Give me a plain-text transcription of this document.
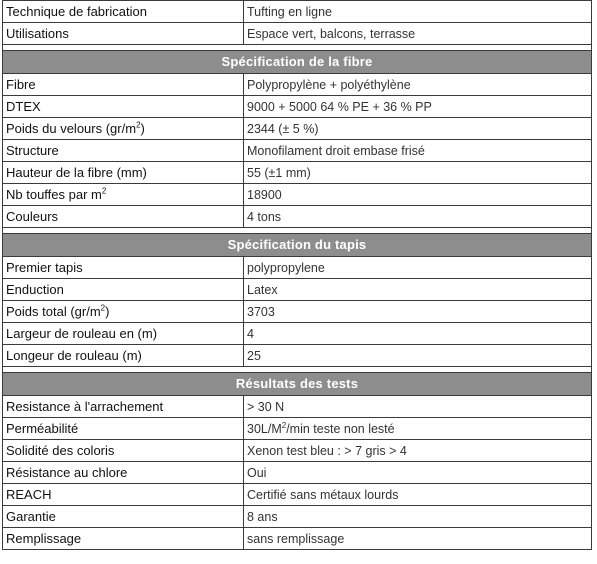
Technique de fabrication	Tufting en ligne
Utilisations	Espace vert, balcons, terrasse

Spécification de la fibre	
Fibre	Polypropylène + polyéthylène
DTEX	9000 + 5000 64 % PE + 36 % PP
Poids du velours $(gr/m^2)$	2344 (± 5 %)
Structure	Monofilament droit embase frisé
Hauteur de la fibre (mm)	55 (±1 mm)
Nb touffes par $m^2$	18900
Couleurs	4 tons

Spécification du tapis	
Premier tapis	polypropylene
Enduction	Latex
Poids total $(gr/m^2)$	3703
Largeur de rouleau en (m)	4
Longeur de rouleau (m)	25

Résultats des tests	
Resistance à l'arrachement	> 30 N
Perméabilité	$30L/M^2/\min$ teste non lesté
Solidité des coloris	Xenon test bleu : > 7 gris > 4
Résistance au chlore	Oui
REACH	Certifié sans métaux lourds
Garantie	8 ans
Remplissage	sans remplissage
